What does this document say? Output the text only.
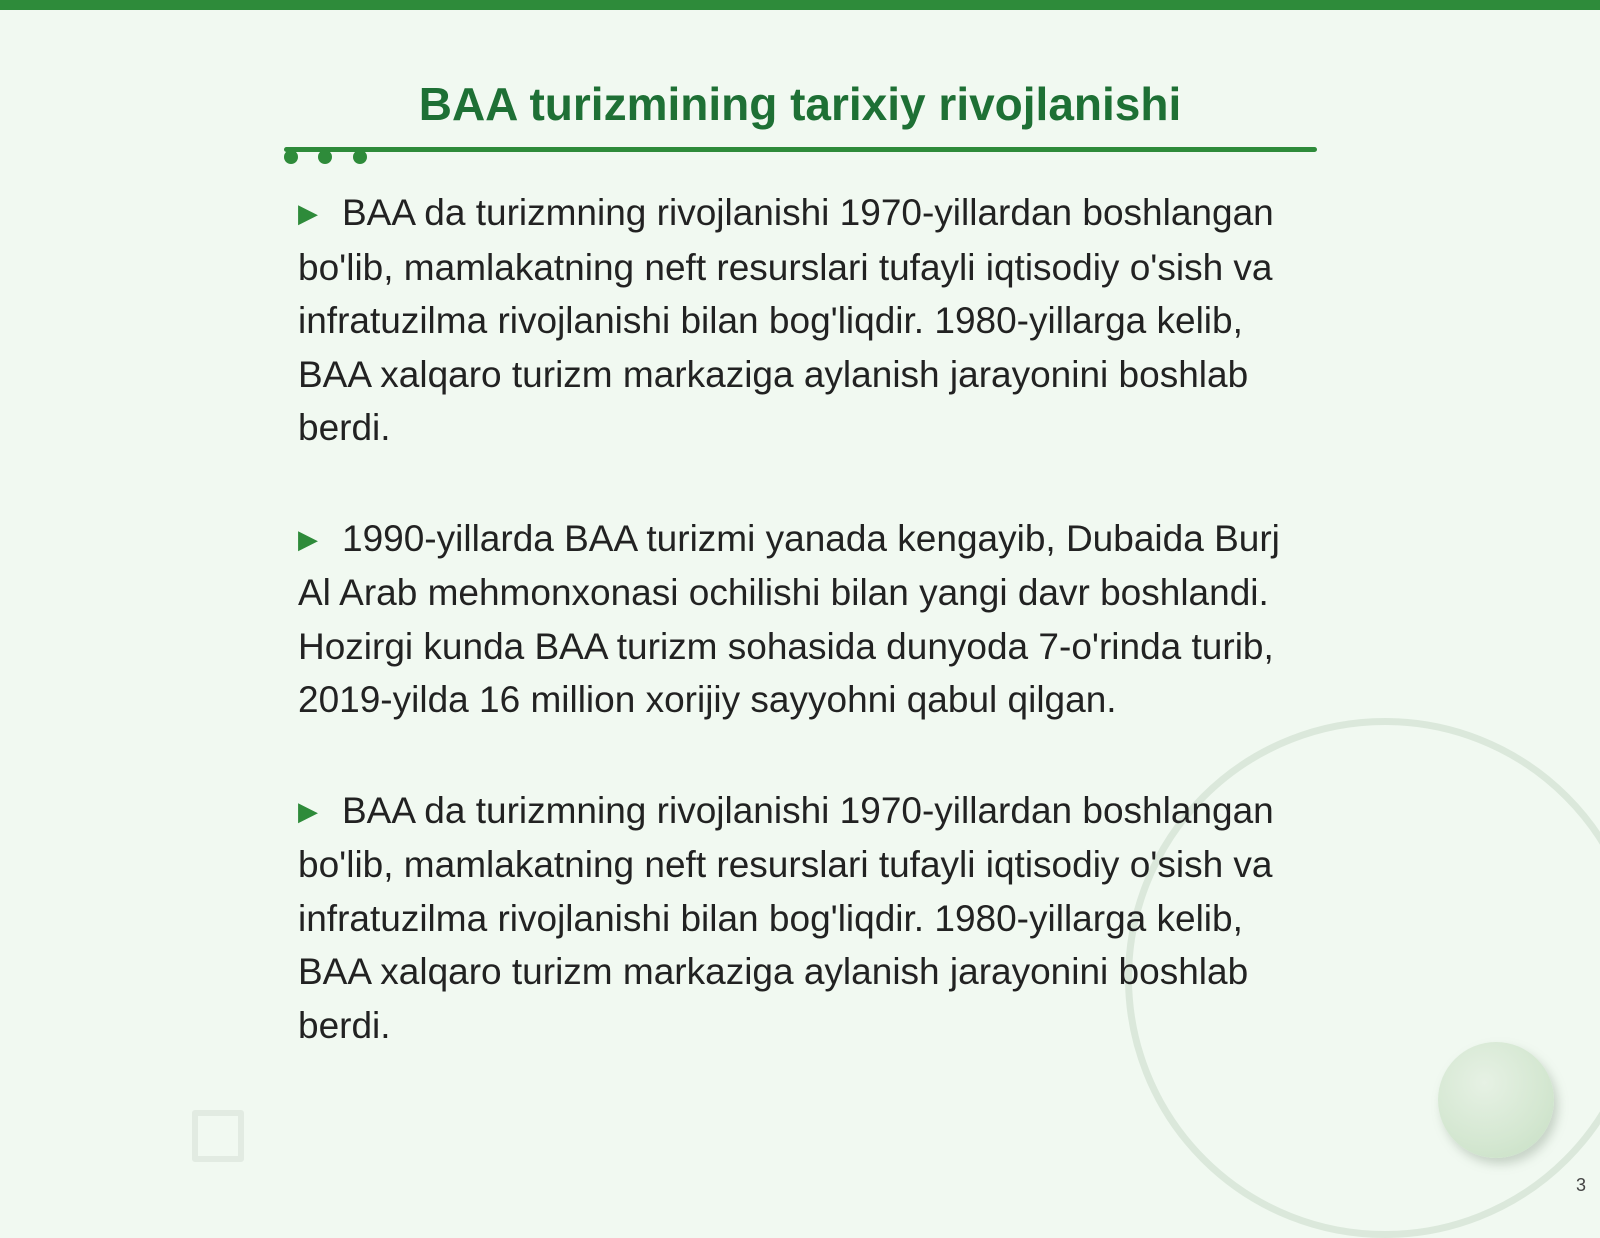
BAA turizmining tarixiy rivojlanishi
▶ BAA da turizmning rivojlanishi 1970-yillardan boshlangan bo'lib, mamlakatning neft resurslari tufayli iqtisodiy o'sish va infratuzilma rivojlanishi bilan bog'liqdir. 1980-yillarga kelib, BAA xalqaro turizm markaziga aylanish jarayonini boshlab berdi.
▶ 1990-yillarda BAA turizmi yanada kengayib, Dubaida Burj Al Arab mehmonxonasi ochilishi bilan yangi davr boshlandi. Hozirgi kunda BAA turizm sohasida dunyoda 7-o'rinda turib, 2019-yilda 16 million xorijiy sayyohni qabul qilgan.
▶ BAA da turizmning rivojlanishi 1970-yillardan boshlangan bo'lib, mamlakatning neft resurslari tufayli iqtisodiy o'sish va infratuzilma rivojlanishi bilan bog'liqdir. 1980-yillarga kelib, BAA xalqaro turizm markaziga aylanish jarayonini boshlab berdi.
3
